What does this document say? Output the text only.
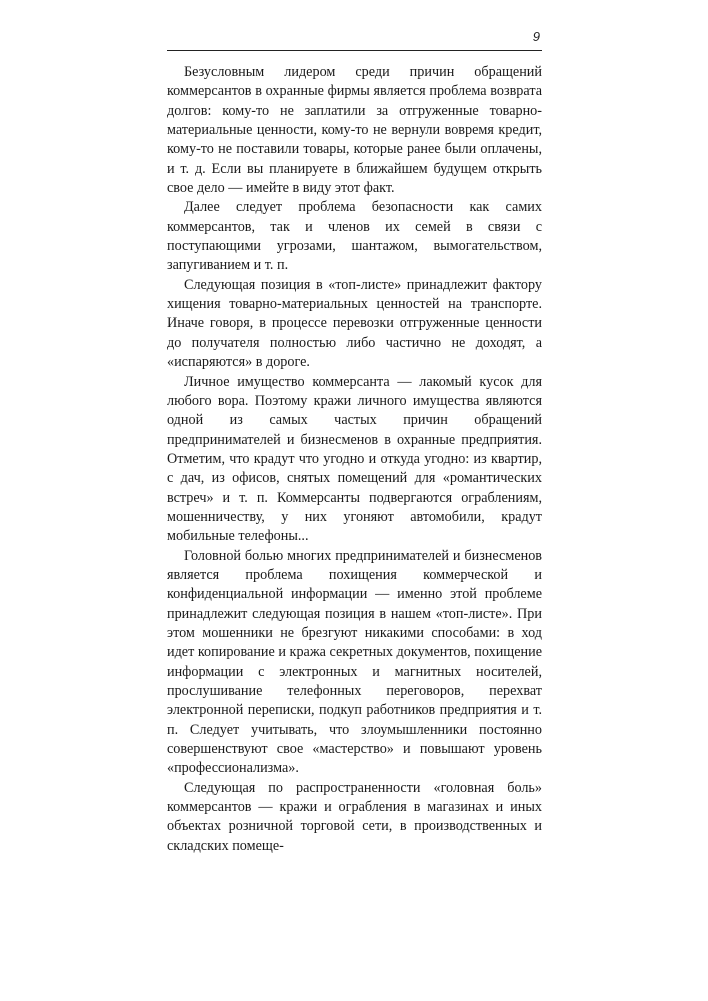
9

Безусловным лидером среди причин обращений коммерсантов в охранные фирмы является проблема возврата долгов: кому-то не заплатили за отгруженные товарно-материальные ценности, кому-то не вернули вовремя кредит, кому-то не поставили товары, которые ранее были оплачены, и т. д. Если вы планируете в ближайшем будущем открыть свое дело — имейте в виду этот факт.

Далее следует проблема безопасности как самих коммерсантов, так и членов их семей в связи с поступающими угрозами, шантажом, вымогательством, запугиванием и т. п.

Следующая позиция в «топ-листе» принадлежит фактору хищения товарно-материальных ценностей на транспорте. Иначе говоря, в процессе перевозки отгруженные ценности до получателя полностью либо частично не доходят, а «испаряются» в дороге.

Личное имущество коммерсанта — лакомый кусок для любого вора. Поэтому кражи личного имущества являются одной из самых частых причин обращений предпринимателей и бизнесменов в охранные предприятия. Отметим, что крадут что угодно и откуда угодно: из квартир, с дач, из офисов, снятых помещений для «романтических встреч» и т. п. Коммерсанты подвергаются ограблениям, мошенничеству, у них угоняют автомобили, крадут мобильные телефоны...

Головной болью многих предпринимателей и бизнесменов является проблема похищения коммерческой и конфиденциальной информации — именно этой проблеме принадлежит следующая позиция в нашем «топ-листе». При этом мошенники не брезгуют никакими способами: в ход идет копирование и кража секретных документов, похищение информации с электронных и магнитных носителей, прослушивание телефонных переговоров, перехват электронной переписки, подкуп работников предприятия и т. п. Следует учитывать, что злоумышленники постоянно совершенствуют свое «мастерство» и повышают уровень «профессионализма».

Следующая по распространенности «головная боль» коммерсантов — кражи и ограбления в магазинах и иных объектах розничной торговой сети, в производственных и складских помеще-
